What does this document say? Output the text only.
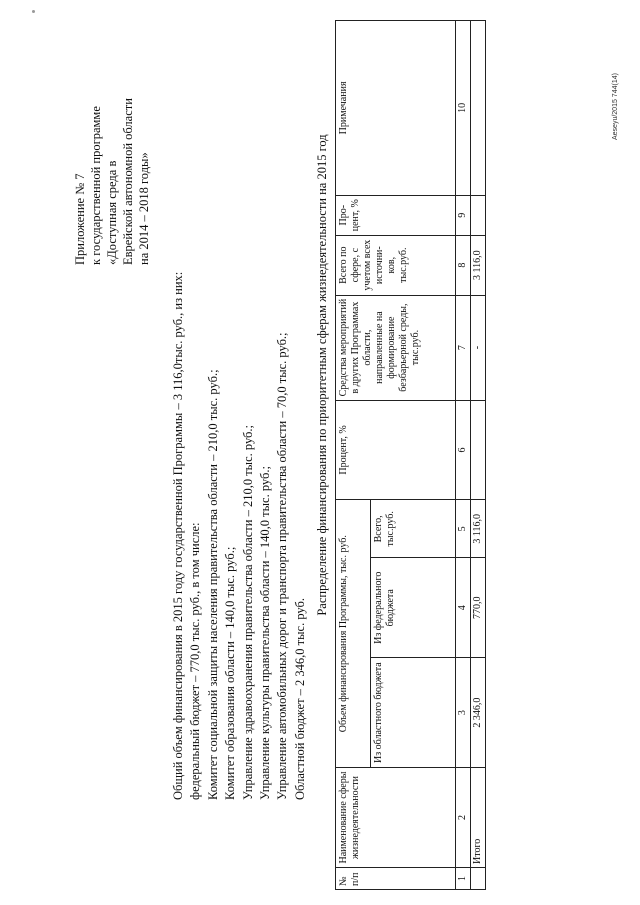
Приложение № 7 к государственной программе «Доступная среда в Еврейской автономной области на 2014 – 2018 годы»
Общий объем финансирования в 2015 году государственной Программы – 3 116,0тыс. руб., из них: федеральный бюджет – 770,0 тыс. руб., в том числе: Комитет социальной защиты населения правительства области – 210,0 тыс. руб.; Комитет образования области – 140,0 тыс. руб.; Управление здравоохранения правительства области – 210,0 тыс. руб.; Управление культуры правительства области – 140,0 тыс. руб.; Управление автомобильных дорог и транспорта правительства области – 70,0 тыс. руб.; Областной бюджет – 2 346,0 тыс. руб.
Распределение финансирования по приоритетным сферам жизнедеятельности на 2015 год
№ п/п	Наименование сферы жизнедеятельности	Объем финансирования Программы, тыс. руб.			Процент, %	Средства мероприятий в других Программах области, направленные на формирование безбарьерной среды, тыс.руб.	Всего по сфере, с учетом всех источни-ков, тыс.руб.	Про-цент, %	Примечания
		Из областного бюджета	Из федерального бюджета	Всего, тыс.руб.					
1	2	3	4	5	6	7	8	9	10
	Итого	2 346,0	770,0	3 116,0		-	3 116,0		
Aeseyu/2015 744(14)
